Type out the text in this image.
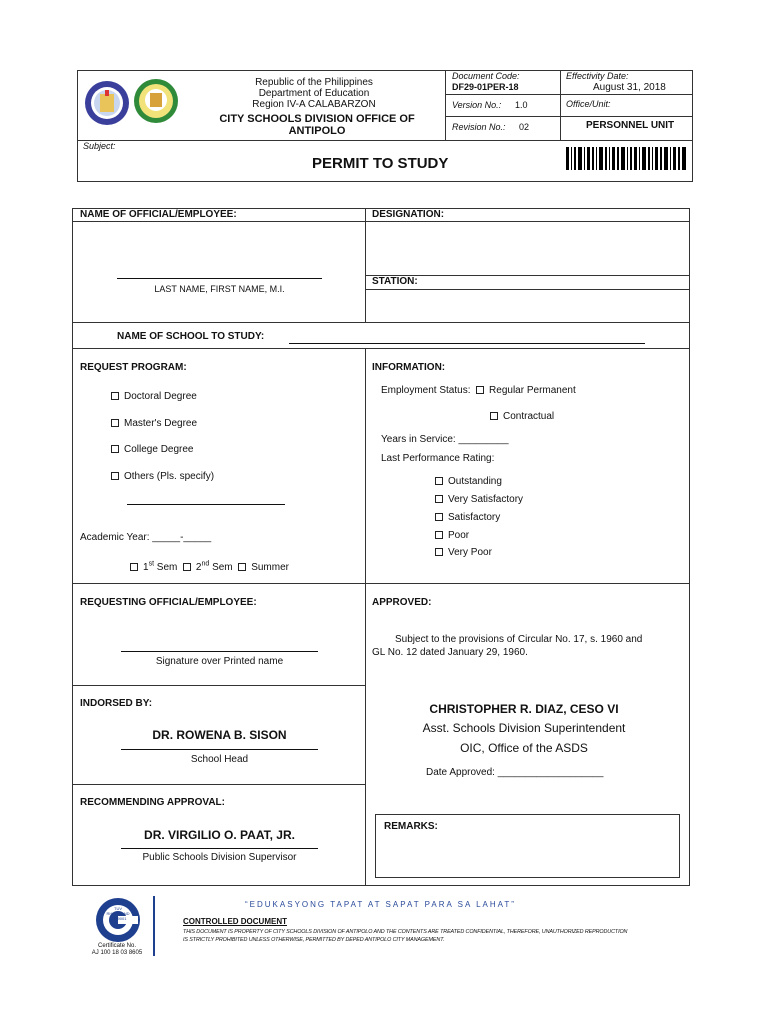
Republic of the Philippines
Department of Education
Region IV-A CALABARZON
CITY SCHOOLS DIVISION OFFICE OF ANTIPOLO
Document Code:
DF29-01PER-18
Effectivity Date:
August 31, 2018
Version No.: 1.0	Office/Unit:
Revision No.: 02	PERSONNEL UNIT
Subject:
PERMIT TO STUDY
NAME OF OFFICIAL/EMPLOYEE:	DESIGNATION:
LAST NAME, FIRST NAME, M.I.
STATION:
NAME OF SCHOOL TO STUDY:
REQUEST PROGRAM:
Doctoral Degree
Master's Degree
College Degree
Others (Pls. specify)
Academic Year: _____-_____
1st Sem 2nd Sem Summer
INFORMATION:
Employment Status: Regular Permanent
Contractual
Years in Service: _________
Last Performance Rating:
Outstanding
Very Satisfactory
Satisfactory
Poor
Very Poor
REQUESTING OFFICIAL/EMPLOYEE:
Signature over Printed name
APPROVED:
Subject to the provisions of Circular No. 17, s. 1960 and
GL No. 12 dated January 29, 1960.
CHRISTOPHER R. DIAZ, CESO VI
Asst. Schools Division Superintendent
OIC, Office of the ASDS
Date Approved: ___________________
INDORSED BY:
DR. ROWENA B. SISON
School Head
RECOMMENDING APPROVAL:
DR. VIRGILIO O. PAAT, JR.
Public Schools Division Supervisor
REMARKS:
TUV RHEINLAND
ISO 9001
Certificate No.
AJ 100 18 03 8605
“EDUKASYONG TAPAT AT SAPAT PARA SA LAHAT”
CONTROLLED DOCUMENT
THIS DOCUMENT IS PROPERTY OF CITY SCHOOLS DIVISION OF ANTIPOLO AND THE CONTENTS ARE TREATED CONFIDENTIAL, THEREFORE, UNAUTHORIZED REPRODUCTION
IS STRICTLY PROHIBITED UNLESS OTHERWISE, PERMITTED BY DEPED ANTIPOLO CITY MANAGEMENT.
